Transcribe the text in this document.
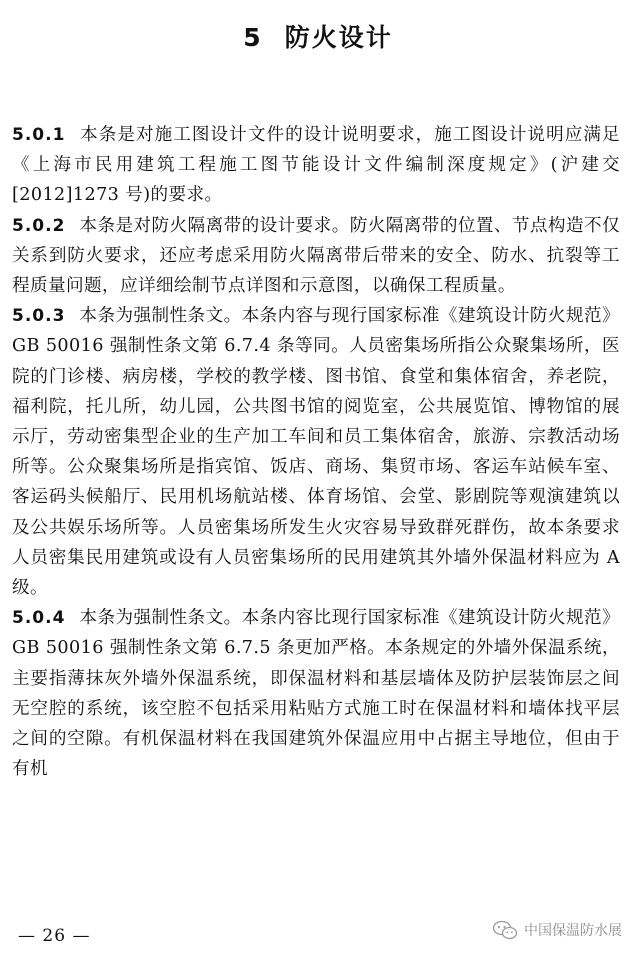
5 防火设计

5.0.1 本条是对施工图设计文件的设计说明要求，施工图设计说明应满足《上海市民用建筑工程施工图节能设计文件编制深度规定》(沪建交[2012]1273 号)的要求。

5.0.2 本条是对防火隔离带的设计要求。防火隔离带的位置、节点构造不仅关系到防火要求，还应考虑采用防火隔离带后带来的安全、防水、抗裂等工程质量问题，应详细绘制节点详图和示意图，以确保工程质量。

5.0.3 本条为强制性条文。本条内容与现行国家标准《建筑设计防火规范》GB 50016 强制性条文第 6.7.4 条等同。人员密集场所指公众聚集场所，医院的门诊楼、病房楼，学校的教学楼、图书馆、食堂和集体宿舍，养老院，福利院，托儿所，幼儿园，公共图书馆的阅览室，公共展览馆、博物馆的展示厅，劳动密集型企业的生产加工车间和员工集体宿舍，旅游、宗教活动场所等。公众聚集场所是指宾馆、饭店、商场、集贸市场、客运车站候车室、客运码头候船厅、民用机场航站楼、体育场馆、会堂、影剧院等观演建筑以及公共娱乐场所等。人员密集场所发生火灾容易导致群死群伤，故本条要求人员密集民用建筑或设有人员密集场所的民用建筑其外墙外保温材料应为 A 级。

5.0.4 本条为强制性条文。本条内容比现行国家标准《建筑设计防火规范》GB 50016 强制性条文第 6.7.5 条更加严格。本条规定的外墙外保温系统，主要指薄抹灰外墙外保温系统，即保温材料和基层墙体及防护层装饰层之间无空腔的系统，该空腔不包括采用粘贴方式施工时在保温材料和墙体找平层之间的空隙。有机保温材料在我国建筑外保温应用中占据主导地位，但由于有机

— 26 —	中国保温防水展
